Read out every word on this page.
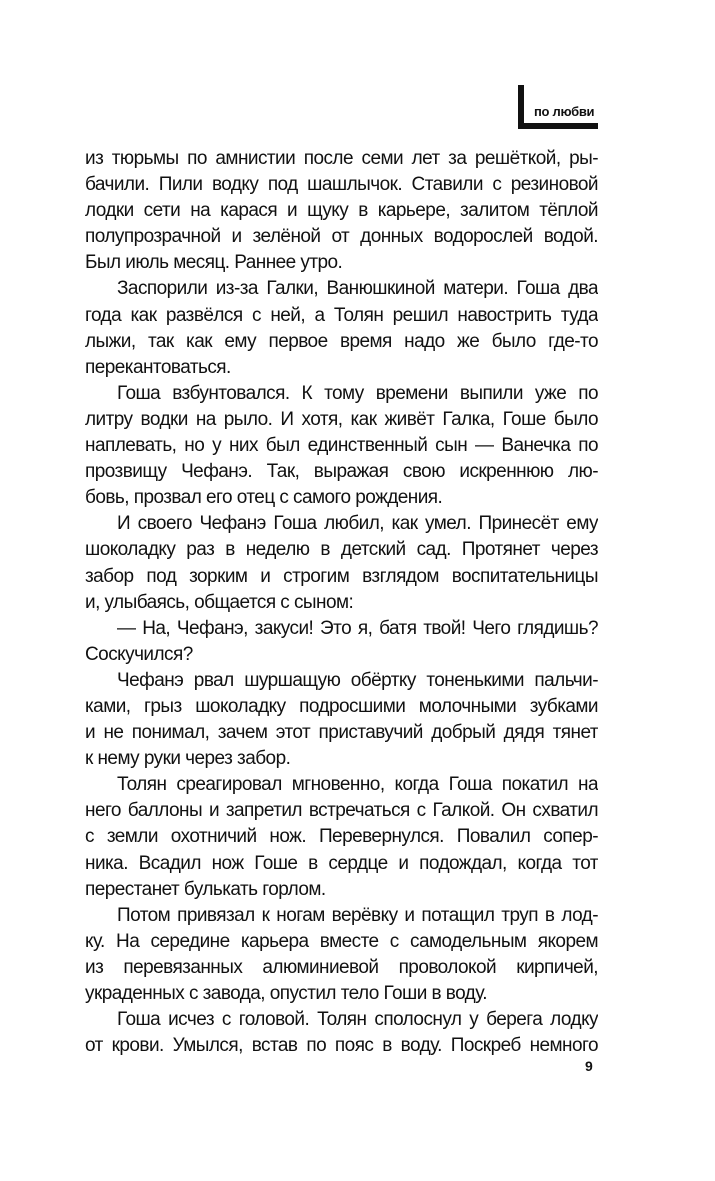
по любви
из тюрьмы по амнистии после семи лет за решёткой, ры-
бачили. Пили водку под шашлычок. Ставили с резиновой
лодки сети на карася и щуку в карьере, залитом тёплой
полупрозрачной и зелёной от донных водорослей водой.
Был июль месяц. Раннее утро.
Заспорили из-за Галки, Ванюшкиной матери. Гоша два
года как развёлся с ней, а Толян решил навострить туда
лыжи, так как ему первое время надо же было где-то
перекантоваться.
Гоша взбунтовался. К тому времени выпили уже по
литру водки на рыло. И хотя, как живёт Галка, Гоше было
наплевать, но у них был единственный сын — Ванечка по
прозвищу Чефанэ. Так, выражая свою искреннюю лю-
бовь, прозвал его отец с самого рождения.
И своего Чефанэ Гоша любил, как умел. Принесёт ему
шоколадку раз в неделю в детский сад. Протянет через
забор под зорким и строгим взглядом воспитательницы
и, улыбаясь, общается с сыном:
— На, Чефанэ, закуси! Это я, батя твой! Чего глядишь?
Соскучился?
Чефанэ рвал шуршащую обёртку тоненькими пальчи-
ками, грыз шоколадку подросшими молочными зубками
и не понимал, зачем этот приставучий добрый дядя тянет
к нему руки через забор.
Толян среагировал мгновенно, когда Гоша покатил на
него баллоны и запретил встречаться с Галкой. Он схватил
с земли охотничий нож. Перевернулся. Повалил сопер-
ника. Всадил нож Гоше в сердце и подождал, когда тот
перестанет булькать горлом.
Потом привязал к ногам верёвку и потащил труп в лод-
ку. На середине карьера вместе с самодельным якорем
из перевязанных алюминиевой проволокой кирпичей,
украденных с завода, опустил тело Гоши в воду.
Гоша исчез с головой. Толян сполоснул у берега лодку
от крови. Умылся, встав по пояс в воду. Поскреб немного
9
